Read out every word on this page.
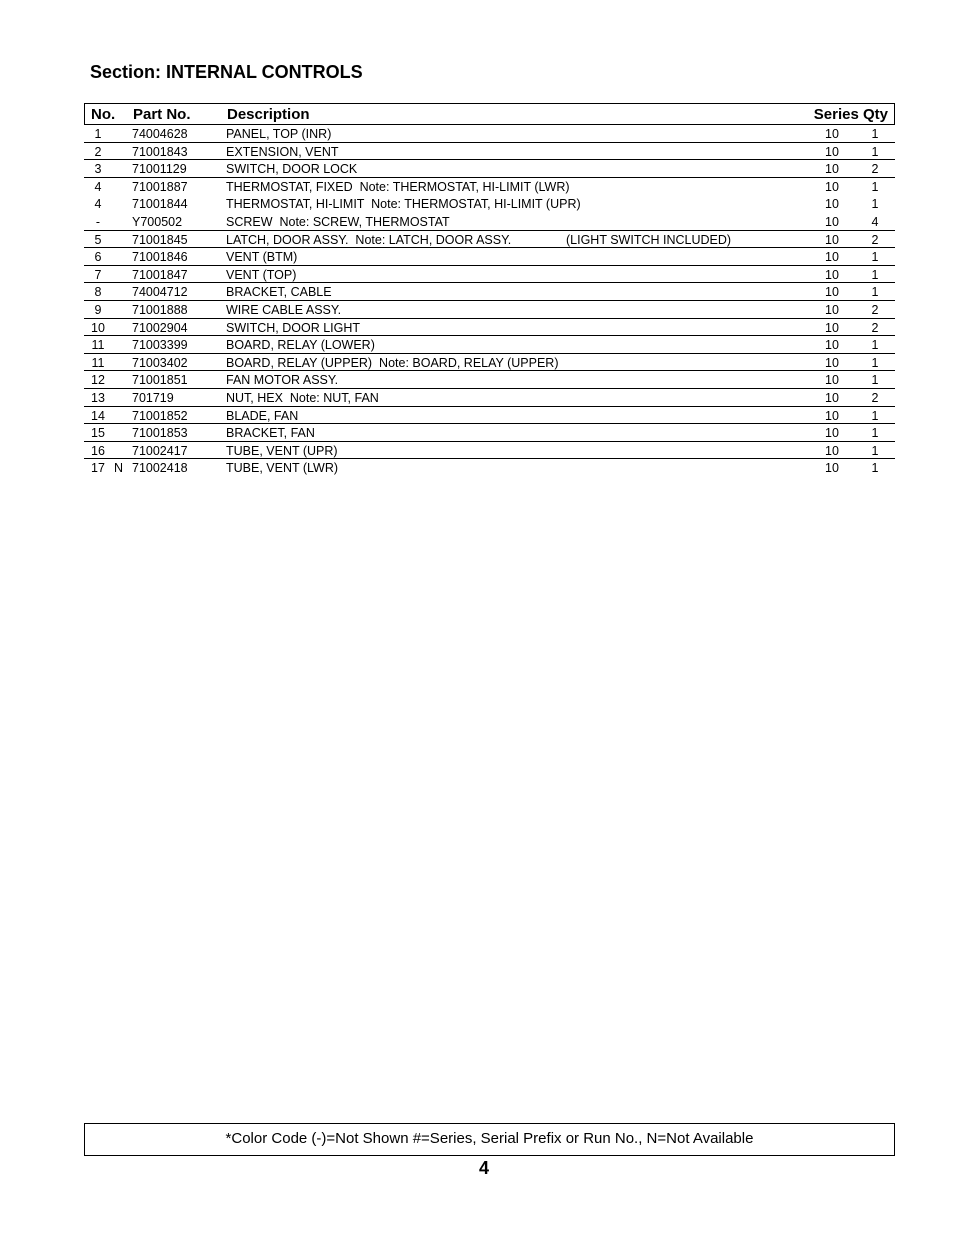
Section: INTERNAL CONTROLS
No. Part No. Description	Series Qty
1	74004628	PANEL, TOP (INR)	10	1
2	71001843	EXTENSION, VENT	10	1
3	71001129	SWITCH, DOOR LOCK	10	2
4	71001887	THERMOSTAT, FIXED  Note: THERMOSTAT, HI-LIMIT (LWR)	10	1
4	71001844	THERMOSTAT, HI-LIMIT  Note: THERMOSTAT, HI-LIMIT (UPR)	10	1
-	Y700502	SCREW  Note: SCREW, THERMOSTAT	10	4
5	71001845	LATCH, DOOR ASSY.  Note: LATCH, DOOR ASSY.	(LIGHT SWITCH INCLUDED)	10	2
6	71001846	VENT (BTM)	10	1
7	71001847	VENT (TOP)	10	1
8	74004712	BRACKET, CABLE	10	1
9	71001888	WIRE CABLE ASSY.	10	2
10 71002904	SWITCH, DOOR LIGHT	10	2
11 71003399	BOARD, RELAY (LOWER)	10	1
11 71003402	BOARD, RELAY (UPPER)  Note: BOARD, RELAY (UPPER)	10	1
12 71001851	FAN MOTOR ASSY.	10	1
13 701719	NUT, HEX  Note: NUT, FAN	10	2
14 71001852	BLADE, FAN	10	1
15 71001853	BRACKET, FAN	10	1
16 71002417	TUBE, VENT (UPR)	10	1
17 N 71002418	TUBE, VENT (LWR)	10	1
*Color Code (-)=Not Shown #=Series, Serial Prefix or Run No., N=Not Available
4
